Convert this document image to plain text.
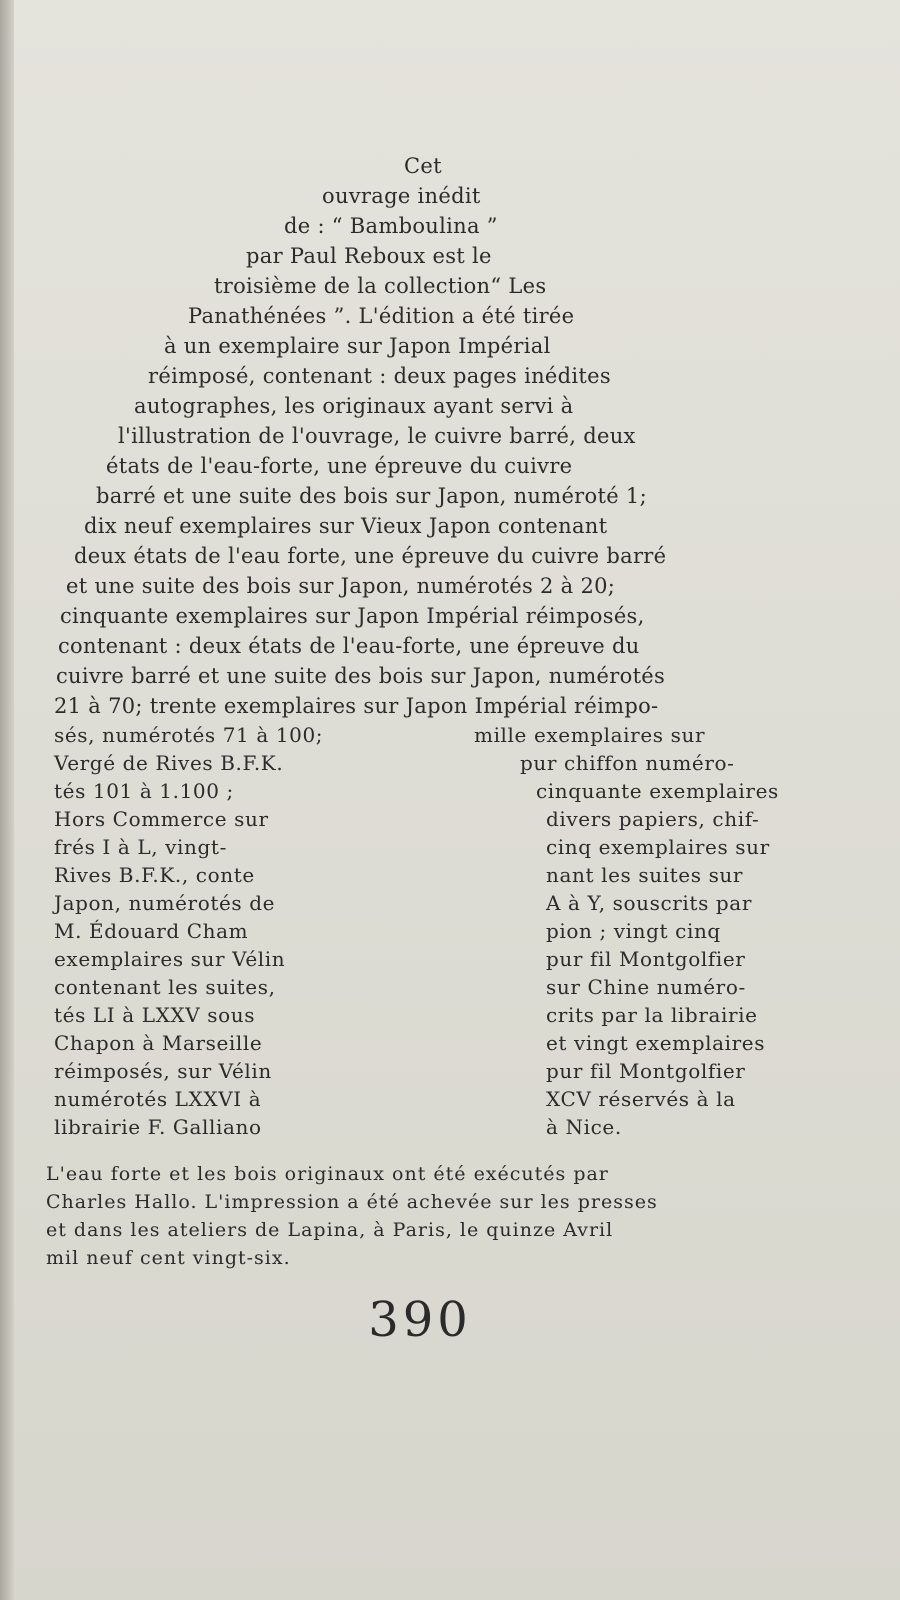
Cet
ouvrage inédit
de : “ Bamboulina ”
par Paul Reboux est le
troisième de la collection“ Les
Panathénées ”. L'édition a été tirée
à un exemplaire sur Japon Impérial
réimposé, contenant : deux pages inédites
autographes, les originaux ayant servi à
l'illustration de l'ouvrage, le cuivre barré, deux
états de l'eau-forte, une épreuve du cuivre
barré et une suite des bois sur Japon, numéroté 1;
dix neuf exemplaires sur Vieux Japon contenant
deux états de l'eau forte, une épreuve du cuivre barré
et une suite des bois sur Japon, numérotés 2 à 20;
cinquante exemplaires sur Japon Impérial réimposés,
contenant : deux états de l'eau-forte, une épreuve du
cuivre barré et une suite des bois sur Japon, numérotés
21 à 70; trente exemplaires sur Japon Impérial réimpo-
sés, numérotés 71 à 100;
Vergé de Rives B.F.K.
tés 101 à 1.100 ;
Hors Commerce sur
frés I à L, vingt-
Rives B.F.K., conte
Japon, numérotés de
M. Édouard Cham
exemplaires sur Vélin
contenant les suites,
tés LI à LXXV sous
Chapon à Marseille
réimposés, sur Vélin
numérotés LXXVI à
librairie F. Galliano
mille exemplaires sur
pur chiffon numéro-
cinquante exemplaires
divers papiers, chif-
cinq exemplaires sur
nant les suites sur
A à Y, souscrits par
pion ; vingt cinq
pur fil Montgolfier
sur Chine numéro-
crits par la librairie
et vingt exemplaires
pur fil Montgolfier
XCV réservés à la
à Nice.
L'eau forte et les bois originaux ont été exécutés par
Charles Hallo. L'impression a été achevée sur les presses
et dans les ateliers de Lapina, à Paris, le quinze Avril
mil neuf cent vingt-six.
390
